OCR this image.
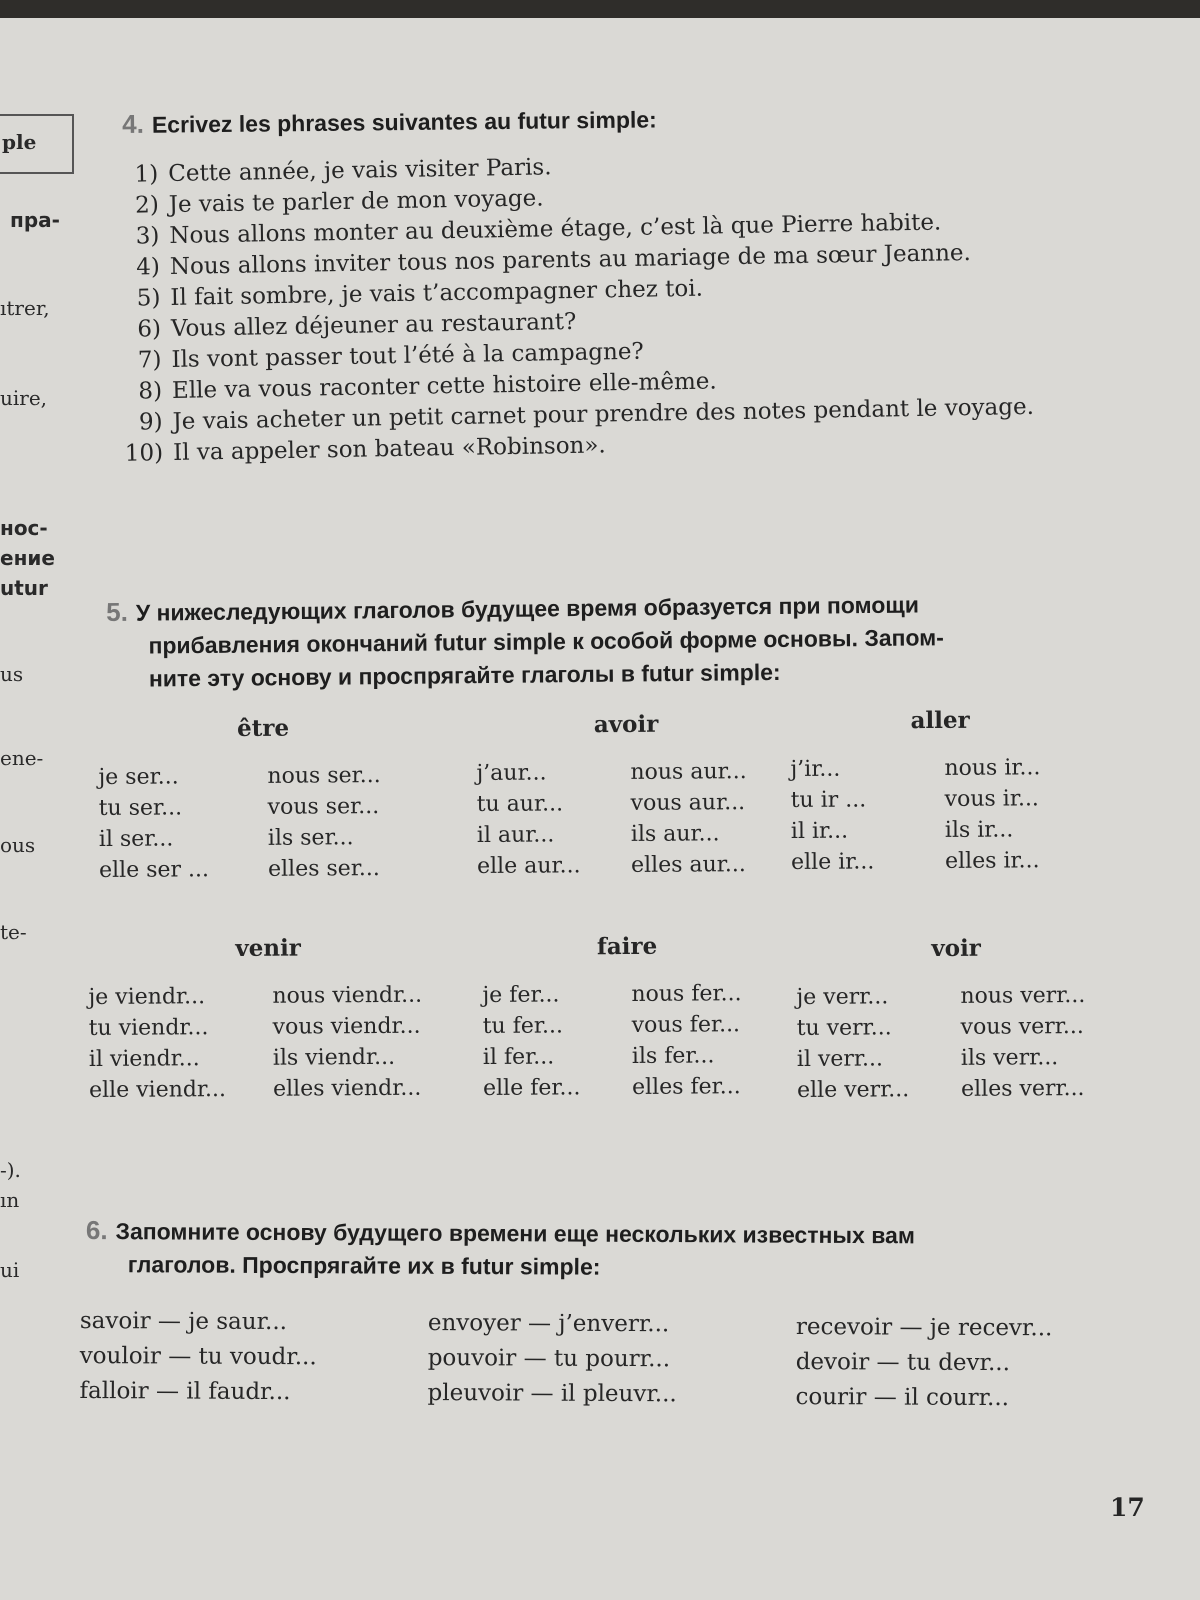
ple
пра-
ıtrer,
uire,
нос-
ение
utur
us
ene-
ous
te-
-).
ın
ui
4. Ecrivez les phrases suivantes au futur simple:
1) Cette année, je vais visiter Paris.
2) Je vais te parler de mon voyage.
3) Nous allons monter au deuxième étage, c’est là que Pierre habite.
4) Nous allons inviter tous nos parents au mariage de ma sœur Jeanne.
5) Il fait sombre, je vais t’accompagner chez toi.
6) Vous allez déjeuner au restaurant?
7) Ils vont passer tout l’été à la campagne?
8) Elle va vous raconter cette histoire elle-même.
9) Je vais acheter un petit carnet pour prendre des notes pendant le voyage.
10) Il va appeler son bateau «Robinson».
5. У нижеследующих глаголов будущее время образуется при помощи
прибавления окончаний futur simple к особой форме основы. Запом-
ните эту основу и проспрягайте глаголы в futur simple:
être
je ser...	nous ser...
tu ser...	vous ser...
il ser...	ils ser...
elle ser ...	elles ser...
avoir
j’aur...	nous aur...
tu aur...	vous aur...
il aur...	ils aur...
elle aur...	elles aur...
aller
j’ir...	nous ir...
tu ir ...	vous ir...
il ir...	ils ir...
elle ir...	elles ir...
venir
je viendr...	nous viendr...
tu viendr...	vous viendr...
il viendr...	ils viendr...
elle viendr...	elles viendr...
faire
je fer...	nous fer...
tu fer...	vous fer...
il fer...	ils fer...
elle fer...	elles fer...
voir
je verr...	nous verr...
tu verr...	vous verr...
il verr...	ils verr...
elle verr...	elles verr...
6. Запомните основу будущего времени еще нескольких известных вам
глаголов. Проспрягайте их в futur simple:
savoir — je saur...
vouloir — tu voudr...
falloir — il faudr...
envoyer — j’enverr...
pouvoir — tu pourr...
pleuvoir — il pleuvr...
recevoir — je recevr...
devoir — tu devr...
courir — il courr...
17
